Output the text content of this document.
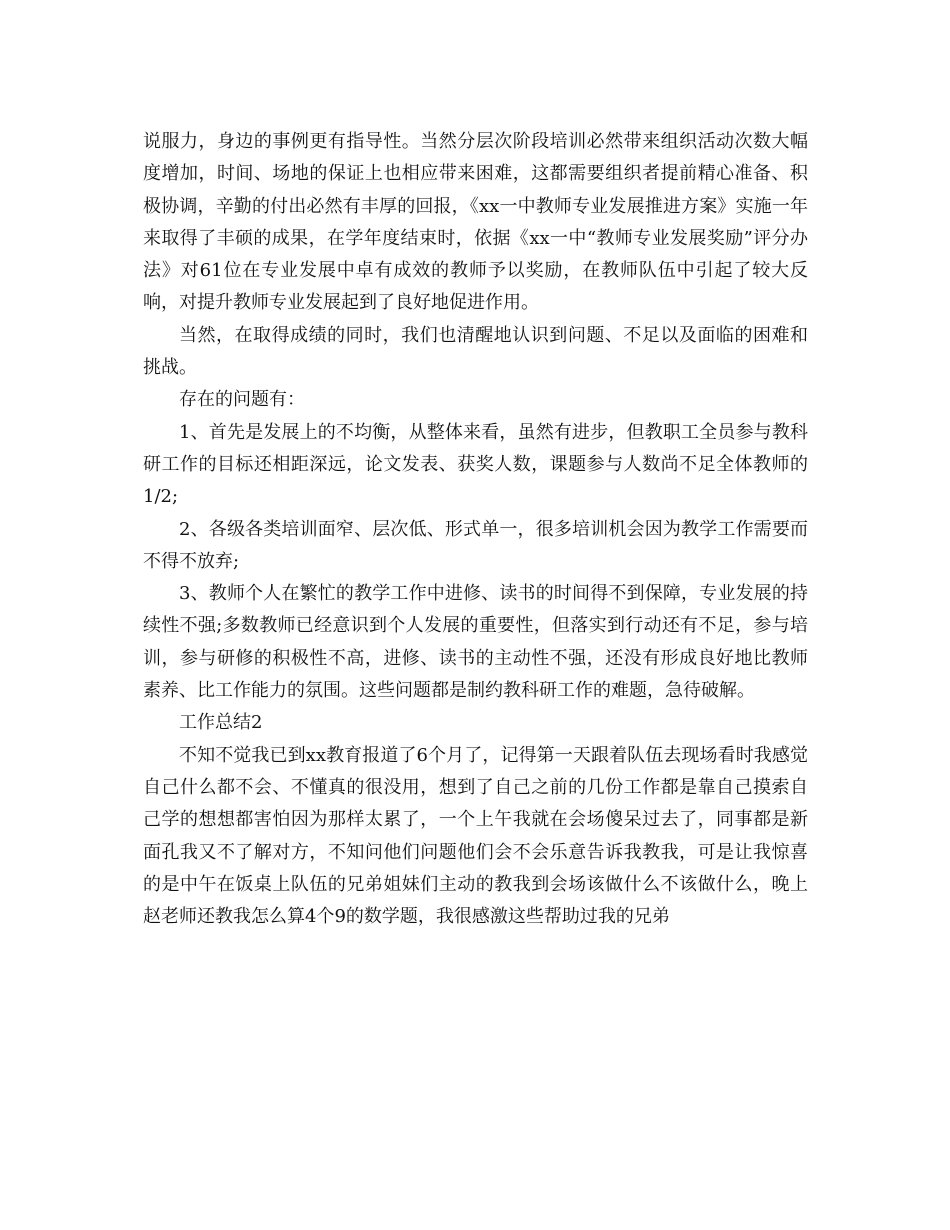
说服力，身边的事例更有指导性。当然分层次阶段培训必然带来组织活动次数大幅度增加，时间、场地的保证上也相应带来困难，这都需要组织者提前精心准备、积极协调，辛勤的付出必然有丰厚的回报，《xx一中教师专业发展推进方案》实施一年来取得了丰硕的成果，在学年度结束时，依据《xx一中“教师专业发展奖励”评分办法》对61位在专业发展中卓有成效的教师予以奖励，在教师队伍中引起了较大反响，对提升教师专业发展起到了良好地促进作用。

当然，在取得成绩的同时，我们也清醒地认识到问题、不足以及面临的困难和挑战。

存在的问题有：

1、首先是发展上的不均衡，从整体来看，虽然有进步，但教职工全员参与教科研工作的目标还相距深远，论文发表、获奖人数，课题参与人数尚不足全体教师的1/2;

2、各级各类培训面窄、层次低、形式单一，很多培训机会因为教学工作需要而不得不放弃;

3、教师个人在繁忙的教学工作中进修、读书的时间得不到保障，专业发展的持续性不强;多数教师已经意识到个人发展的重要性，但落实到行动还有不足，参与培训，参与研修的积极性不高，进修、读书的主动性不强，还没有形成良好地比教师素养、比工作能力的氛围。这些问题都是制约教科研工作的难题，急待破解。

工作总结2

不知不觉我已到xx教育报道了6个月了，记得第一天跟着队伍去现场看时我感觉自己什么都不会、不懂真的很没用，想到了自己之前的几份工作都是靠自己摸索自己学的想想都害怕因为那样太累了，一个上午我就在会场傻呆过去了，同事都是新面孔我又不了解对方，不知问他们问题他们会不会乐意告诉我教我，可是让我惊喜的是中午在饭桌上队伍的兄弟姐妹们主动的教我到会场该做什么不该做什么，晚上赵老师还教我怎么算4个9的数学题，我很感激这些帮助过我的兄弟
